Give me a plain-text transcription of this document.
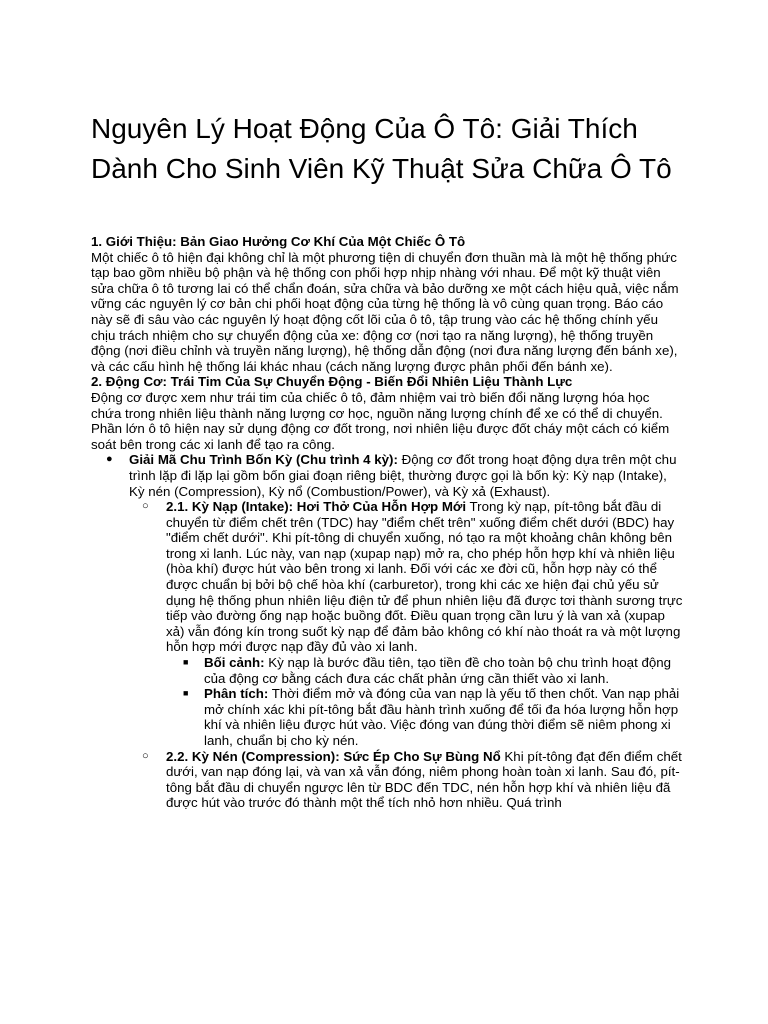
Nguyên Lý Hoạt Động Của Ô Tô: Giải Thích Dành Cho Sinh Viên Kỹ Thuật Sửa Chữa Ô Tô

1. Giới Thiệu: Bản Giao Hưởng Cơ Khí Của Một Chiếc Ô Tô

Một chiếc ô tô hiện đại không chỉ là một phương tiện di chuyển đơn thuần mà là một hệ thống phức tạp bao gồm nhiều bộ phận và hệ thống con phối hợp nhịp nhàng với nhau. Để một kỹ thuật viên sửa chữa ô tô tương lai có thể chẩn đoán, sửa chữa và bảo dưỡng xe một cách hiệu quả, việc nắm vững các nguyên lý cơ bản chi phối hoạt động của từng hệ thống là vô cùng quan trọng. Báo cáo này sẽ đi sâu vào các nguyên lý hoạt động cốt lõi của ô tô, tập trung vào các hệ thống chính yếu chịu trách nhiệm cho sự chuyển động của xe: động cơ (nơi tạo ra năng lượng), hệ thống truyền động (nơi điều chỉnh và truyền năng lượng), hệ thống dẫn động (nơi đưa năng lượng đến bánh xe), và các cấu hình hệ thống lái khác nhau (cách năng lượng được phân phối đến bánh xe).

2. Động Cơ: Trái Tim Của Sự Chuyển Động - Biến Đổi Nhiên Liệu Thành Lực

Động cơ được xem như trái tim của chiếc ô tô, đảm nhiệm vai trò biến đổi năng lượng hóa học chứa trong nhiên liệu thành năng lượng cơ học, nguồn năng lượng chính để xe có thể di chuyển. Phần lớn ô tô hiện nay sử dụng động cơ đốt trong, nơi nhiên liệu được đốt cháy một cách có kiểm soát bên trong các xi lanh để tạo ra công.

● Giải Mã Chu Trình Bốn Kỳ (Chu trình 4 kỳ): Động cơ đốt trong hoạt động dựa trên một chu trình lặp đi lặp lại gồm bốn giai đoạn riêng biệt, thường được gọi là bốn kỳ: Kỳ nạp (Intake), Kỳ nén (Compression), Kỳ nổ (Combustion/Power), và Kỳ xả (Exhaust).
○ 2.1. Kỳ Nạp (Intake): Hơi Thở Của Hỗn Hợp Mới Trong kỳ nạp, pít-tông bắt đầu di chuyển từ điểm chết trên (TDC) hay "điểm chết trên" xuống điểm chết dưới (BDC) hay "điểm chết dưới". Khi pít-tông di chuyển xuống, nó tạo ra một khoảng chân không bên trong xi lanh. Lúc này, van nạp (xupap nạp) mở ra, cho phép hỗn hợp khí và nhiên liệu (hòa khí) được hút vào bên trong xi lanh. Đối với các xe đời cũ, hỗn hợp này có thể được chuẩn bị bởi bộ chế hòa khí (carburetor), trong khi các xe hiện đại chủ yếu sử dụng hệ thống phun nhiên liệu điện tử để phun nhiên liệu đã được tơi thành sương trực tiếp vào đường ống nạp hoặc buồng đốt. Điều quan trọng cần lưu ý là van xả (xupap xả) vẫn đóng kín trong suốt kỳ nạp để đảm bảo không có khí nào thoát ra và một lượng hỗn hợp mới được nạp đầy đủ vào xi lanh.
■ Bối cảnh: Kỳ nạp là bước đầu tiên, tạo tiền đề cho toàn bộ chu trình hoạt động của động cơ bằng cách đưa các chất phản ứng cần thiết vào xi lanh.
■ Phân tích: Thời điểm mở và đóng của van nạp là yếu tố then chốt. Van nạp phải mở chính xác khi pít-tông bắt đầu hành trình xuống để tối đa hóa lượng hỗn hợp khí và nhiên liệu được hút vào. Việc đóng van đúng thời điểm sẽ niêm phong xi lanh, chuẩn bị cho kỳ nén.
○ 2.2. Kỳ Nén (Compression): Sức Ép Cho Sự Bùng Nổ Khi pít-tông đạt đến điểm chết dưới, van nạp đóng lại, và van xả vẫn đóng, niêm phong hoàn toàn xi lanh. Sau đó, pít-tông bắt đầu di chuyển ngược lên từ BDC đến TDC, nén hỗn hợp khí và nhiên liệu đã được hút vào trước đó thành một thể tích nhỏ hơn nhiều. Quá trình
